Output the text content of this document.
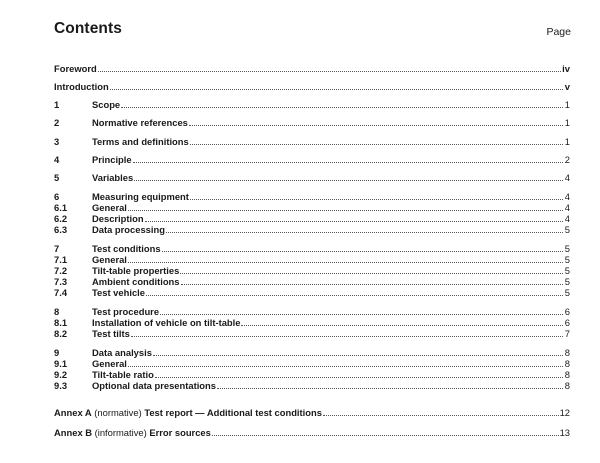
Contents	Page
Foreword	iv
Introduction	v
1	Scope	1
2	Normative references	1
3	Terms and definitions	1
4	Principle	2
5	Variables	4
6	Measuring equipment	4
6.1	General	4
6.2	Description	4
6.3	Data processing	5
7	Test conditions	5
7.1	General	5
7.2	Tilt-table properties	5
7.3	Ambient conditions	5
7.4	Test vehicle	5
8	Test procedure	6
8.1	Installation of vehicle on tilt-table	6
8.2	Test tilts	7
9	Data analysis	8
9.1	General	8
9.2	Tilt-table ratio	8
9.3	Optional data presentations	8
Annex A (normative) Test report — Additional test conditions	12
Annex B (informative) Error sources	13
